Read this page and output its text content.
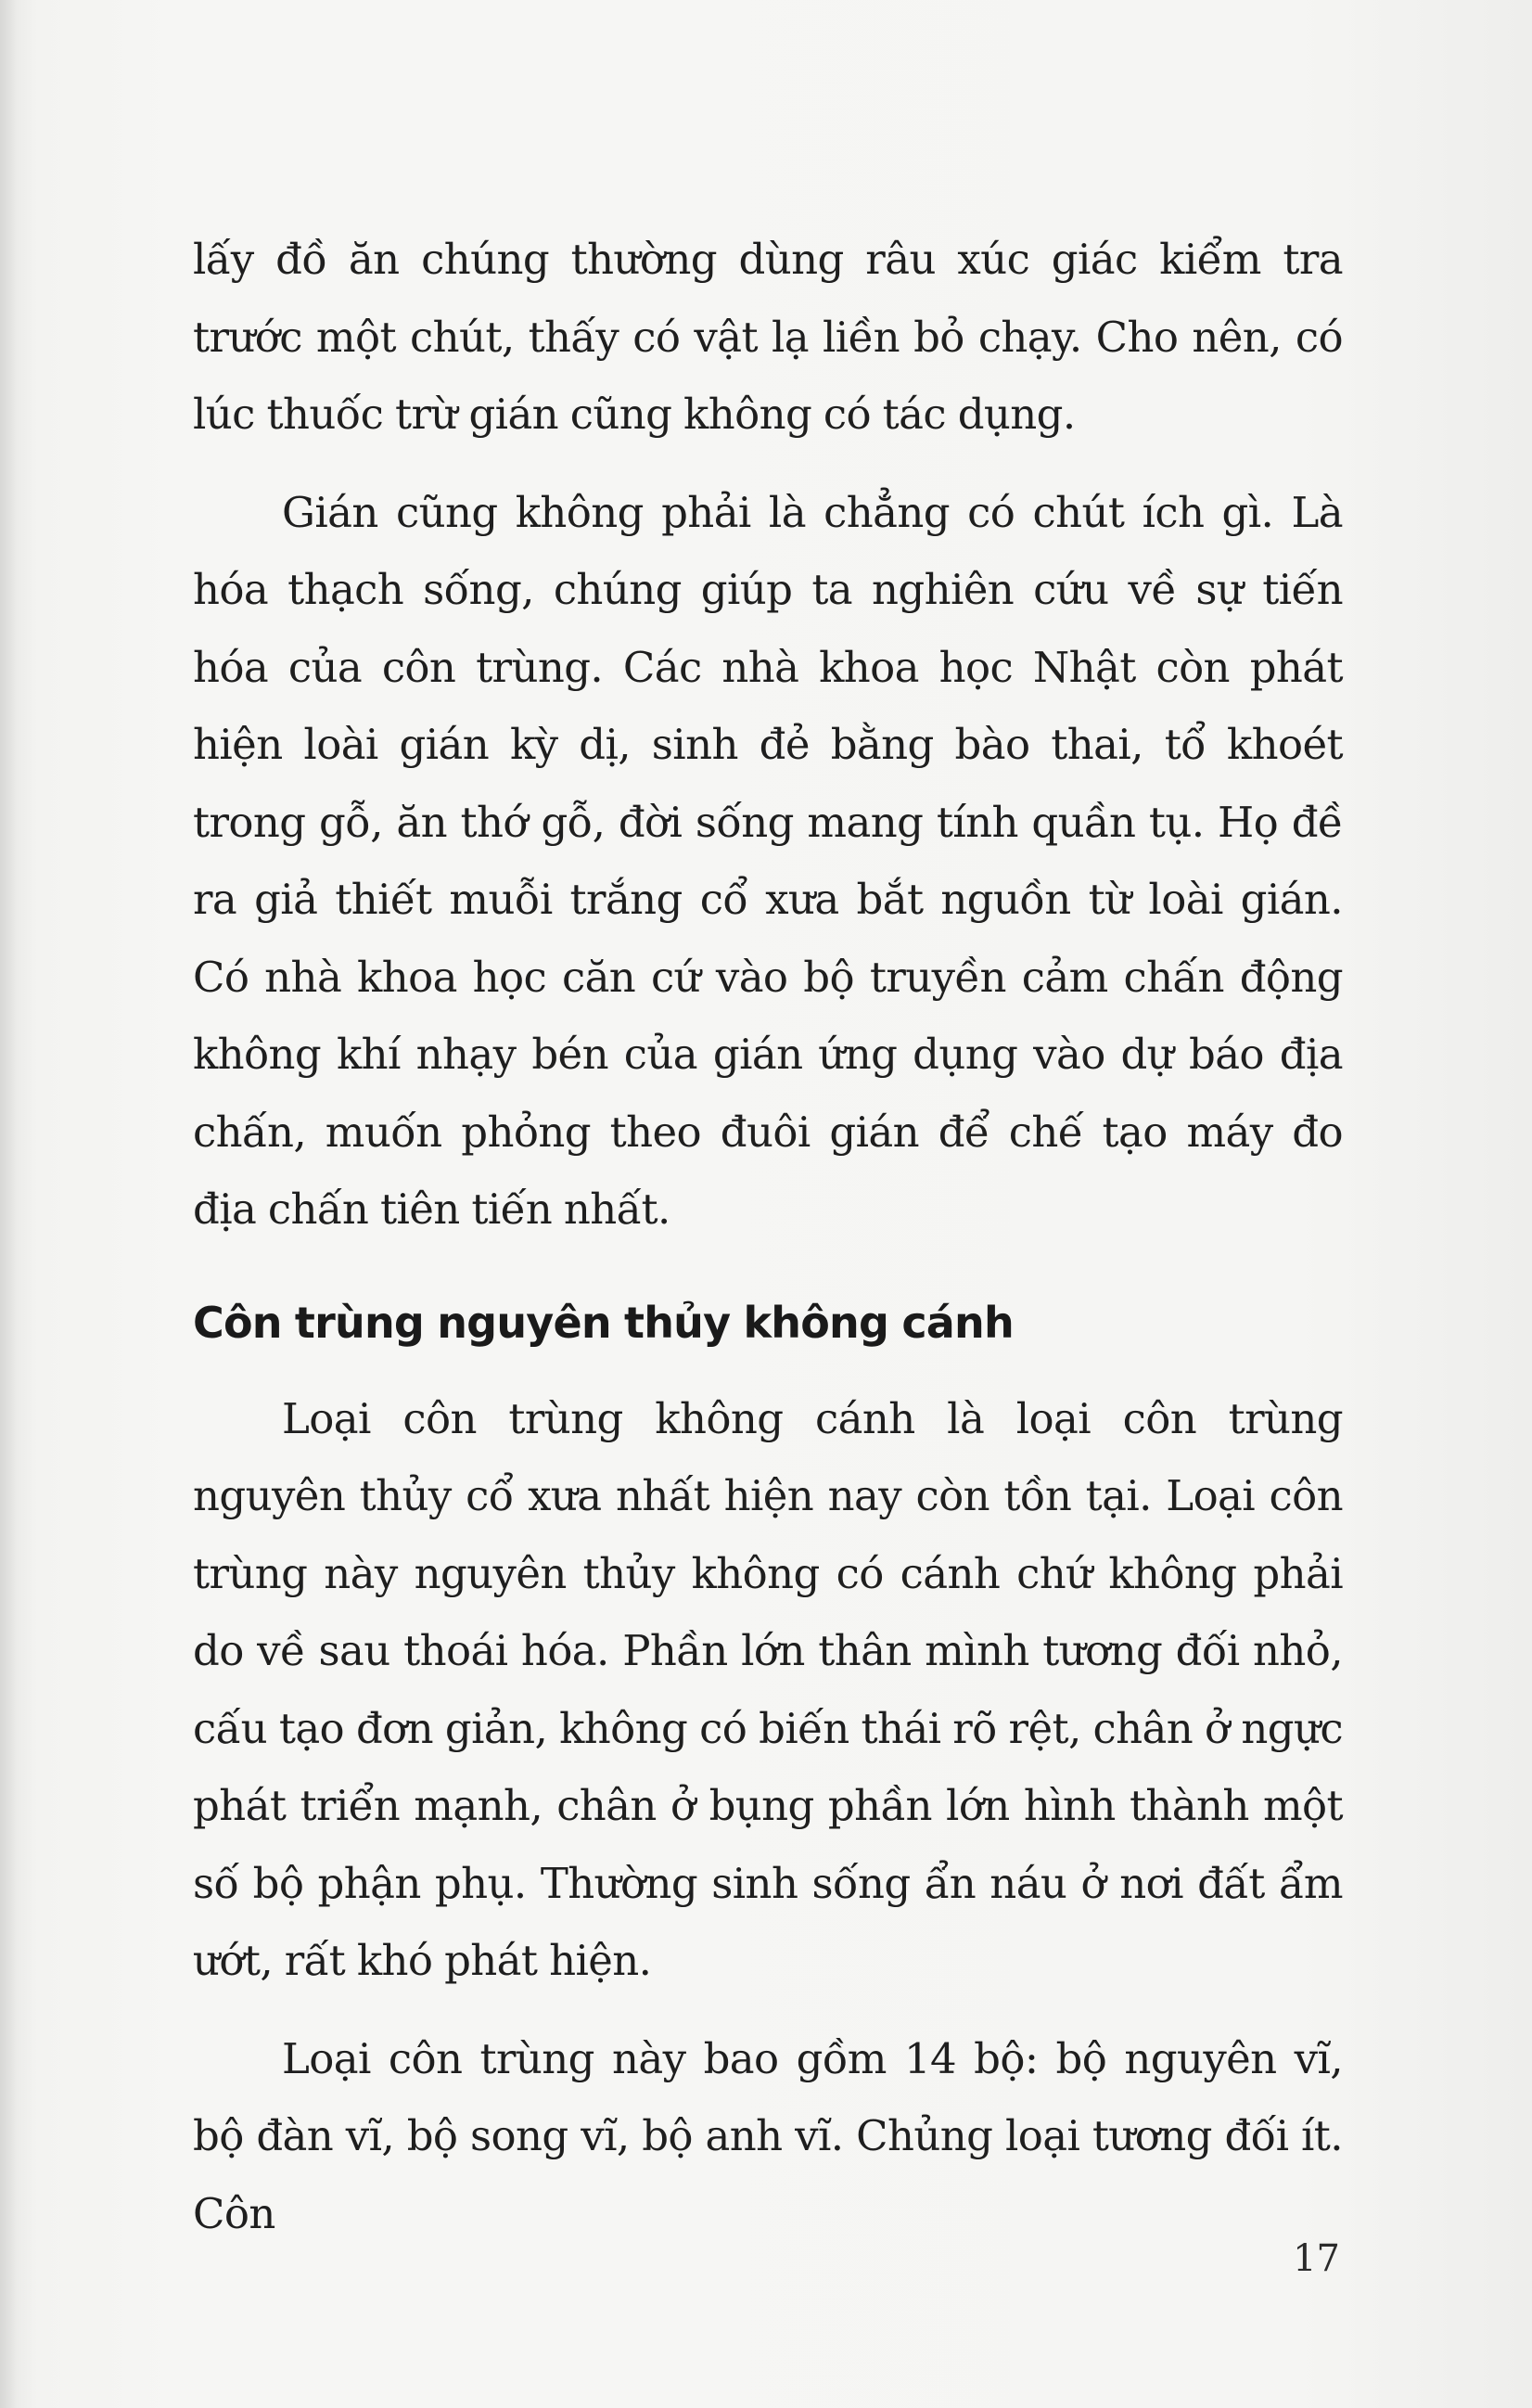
lấy đồ ăn chúng thường dùng râu xúc giác kiểm tra trước một chút, thấy có vật lạ liền bỏ chạy. Cho nên, có lúc thuốc trừ gián cũng không có tác dụng.

Gián cũng không phải là chẳng có chút ích gì. Là hóa thạch sống, chúng giúp ta nghiên cứu về sự tiến hóa của côn trùng. Các nhà khoa học Nhật còn phát hiện loài gián kỳ dị, sinh đẻ bằng bào thai, tổ khoét trong gỗ, ăn thớ gỗ, đời sống mang tính quần tụ. Họ đề ra giả thiết muỗi trắng cổ xưa bắt nguồn từ loài gián. Có nhà khoa học căn cứ vào bộ truyền cảm chấn động không khí nhạy bén của gián ứng dụng vào dự báo địa chấn, muốn phỏng theo đuôi gián để chế tạo máy đo địa chấn tiên tiến nhất.

Côn trùng nguyên thủy không cánh

Loại côn trùng không cánh là loại côn trùng nguyên thủy cổ xưa nhất hiện nay còn tồn tại. Loại côn trùng này nguyên thủy không có cánh chứ không phải do về sau thoái hóa. Phần lớn thân mình tương đối nhỏ, cấu tạo đơn giản, không có biến thái rõ rệt, chân ở ngực phát triển mạnh, chân ở bụng phần lớn hình thành một số bộ phận phụ. Thường sinh sống ẩn náu ở nơi đất ẩm ướt, rất khó phát hiện.

Loại côn trùng này bao gồm 14 bộ: bộ nguyên vĩ, bộ đàn vĩ, bộ song vĩ, bộ anh vĩ. Chủng loại tương đối ít. Côn

17
